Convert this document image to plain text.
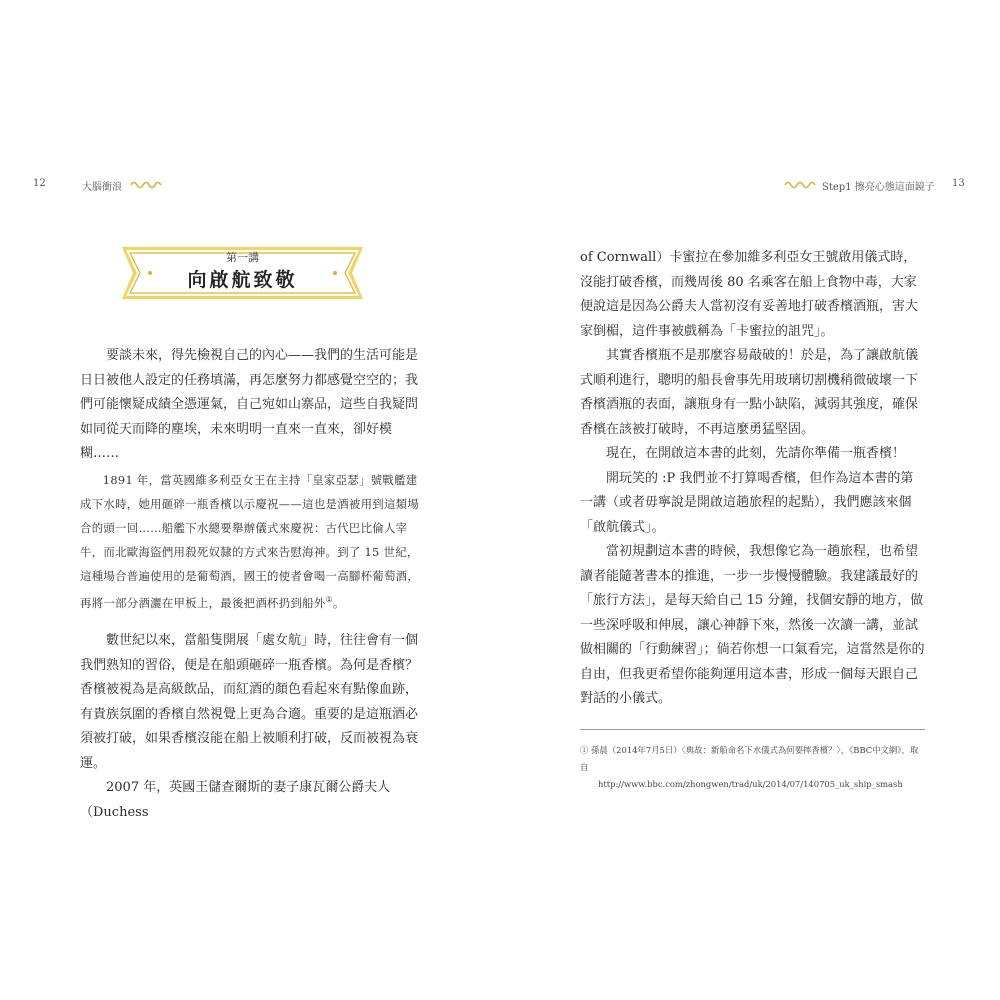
12	大腦衝浪	Step1 擦亮心態這面鏡子 13
第一講
向啟航致敬

要談未來，得先檢視自己的內心——我們的生活可能是日日被他人設定的任務填滿，再怎麼努力都感覺空空的；我們可能懷疑成績全憑運氣，自己宛如山寨品，這些自我疑問如同從天而降的塵埃，未來明明一直來一直來，卻好模糊……

1891 年，當英國維多利亞女王在主持「皇家亞瑟」號戰艦建成下水時，她用砸碎一瓶香檳以示慶祝——這也是酒被用到這類場合的頭一回……船艦下水總要舉辦儀式來慶祝：古代巴比倫人宰牛，而北歐海盜們用殺死奴隸的方式來告慰海神。到了 15 世紀，這種場合普遍使用的是葡萄酒，國王的使者會喝一高腳杯葡萄酒，再將一部分酒灑在甲板上，最後把酒杯扔到船外①。

數世紀以來，當船隻開展「處女航」時，往往會有一個我們熟知的習俗，便是在船頭砸碎一瓶香檳。為何是香檳？香檳被視為是高級飲品，而紅酒的顏色看起來有點像血跡，有貴族氛圍的香檳自然視覺上更為合適。重要的是這瓶酒必須被打破，如果香檳沒能在船上被順利打破，反而被視為衰運。

2007 年，英國王儲查爾斯的妻子康瓦爾公爵夫人（Duchess

of Cornwall）卡蜜拉在參加維多利亞女王號啟用儀式時，沒能打破香檳，而幾周後 80 名乘客在船上食物中毒，大家便說這是因為公爵夫人當初沒有妥善地打破香檳酒瓶，害大家倒楣，這件事被戲稱為「卡蜜拉的詛咒」。

其實香檳瓶不是那麼容易敲破的！於是，為了讓啟航儀式順利進行，聰明的船長會事先用玻璃切割機稍微破壞一下香檳酒瓶的表面，讓瓶身有一點小缺陷，減弱其強度，確保香檳在該被打破時，不再這麼勇猛堅固。

現在，在開啟這本書的此刻，先請你準備一瓶香檳！

開玩笑的 :P 我們並不打算喝香檳，但作為這本書的第一講（或者毋寧說是開啟這趟旅程的起點），我們應該來個「啟航儀式」。

當初規劃這本書的時候，我想像它為一趟旅程，也希望讀者能隨著書本的推進，一步一步慢慢體驗。我建議最好的「旅行方法」，是每天給自己 15 分鐘，找個安靜的地方，做一些深呼吸和伸展，讓心神靜下來，然後一次讀一講，並試做相關的「行動練習」；倘若你想一口氣看完，這當然是你的自由，但我更希望你能夠運用這本書，形成一個每天跟自己對話的小儀式。

① 孫晨（2014年7月5日）〈典故：新船命名下水儀式為何要摔香檳？〉，《BBC中文網》，取自
http://www.bbc.com/zhongwen/trad/uk/2014/07/140705_uk_ship_smash
